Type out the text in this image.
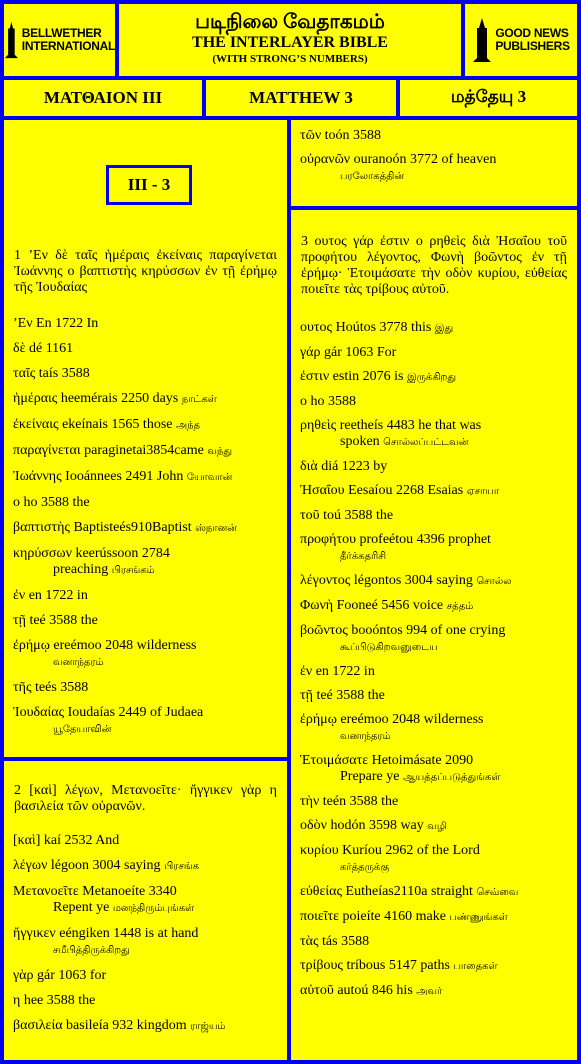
BELLWETHER
INTERNATIONAL
படிநிலை வேதாகமம்
THE INTERLAYER BIBLE
(WITH STRONG’S NUMBERS)
GOOD NEWS
PUBLISHERS
ΜΑΤΘΑΙΟΝ III	MATTHEW 3	மத்தேயு 3
1 ’Εν δὲ ταῖς ἡμέραις ἐκείναις παραγίνεται Ἰωάννης ο βαπτιστὴς κηρύσσων ἐν τῇ ἐρήμῳ τῆς Ἰουδαίας
’Εν En 1722 In
δὲ dé 1161
ταῖς taís 3588
ἡμέραις heemérais 2250 days நாட்கள்
ἐκείναις ekeínais 1565 those அந்த
παραγίνεται paraginetai3854came வந்து
Ἰωάννης Iooánnees 2491 John யோவான்
ο ho 3588 the
βαπτιστὴς Baptisteés910Baptist ஸ்நானன்
κηρύσσων keerússoon 2784
preaching பிரசங்கம்
ἐν en 1722 in
τῇ teé 3588 the
ἐρήμῳ ereémoo 2048 wilderness
வனாந்தரம்
τῆς teés 3588
Ἰουδαίας Ioudaías 2449 of Judaea
யூதேயாவின்
III - 3
2 [καὶ] λέγων, Μετανοεῖτε· ἤγγικεν γὰρ η βασιλεία τῶν οὐρανῶν.
[καὶ] kaí 2532 And
λέγων légoon 3004 saying பிரசங்க
Μετανοεῖτε Metanoeíte 3340
Repent ye மனந்திரும்புங்கள்
ἤγγικεν eéngiken 1448 is at hand
சமீபித்திருக்கிறது
γὰρ gár 1063 for
η hee 3588 the
βασιλεία basileía 932 kingdom ராஜ்யம்
τῶν toón 3588
οὐρανῶν ouranoón 3772 of heaven
பரலோகத்தின்
3 ουτος γάρ ἐστιν ο ρηθεὶς διὰ Ἠσαΐου τοῦ προφήτου λέγοντος, Φωνὴ βοῶντος ἐν τῇ ἐρήμῳ· Ἑτοιμάσατε τὴν οδὸν κυρίου, εὐθείας ποιεῖτε τὰς τρίβους αὐτοῦ.
ουτος Hoútos 3778 this இது
γάρ gár 1063 For
ἐστιν estin 2076 is இருக்கிறது
ο ho 3588
ρηθεὶς reetheís 4483 he that was
spoken சொல்லப்பட்டவன்
διὰ diá 1223 by
Ἠσαΐου Eesaíou 2268 Esaias ஏசாயா
τοῦ toú 3588 the
προφήτου profeétou 4396 prophet
தீர்க்கதரிசி
λέγοντος légontos 3004 saying சொல்ல
Φωνὴ Fooneé 5456 voice சத்தம்
βοῶντος booóntos 994 of one crying
கூப்பிடுகிறவனுடைய
ἐν en 1722 in
τῇ teé 3588 the
ἐρήμῳ ereémoo 2048 wilderness
வனாந்தரம்
Ἑτοιμάσατε Hetoimásate 2090
Prepare ye ஆயத்தப்படுத்துங்கள்
τὴν teén 3588 the
οδὸν hodón 3598 way வழி
κυρίου Kuríou 2962 of the Lord
கர்த்தருக்கு
εὐθείας Eutheías2110a straight செவ்வை
ποιεῖτε poieíte 4160 make பண்ணுங்கள்
τὰς tás 3588
τρίβους tríbous 5147 paths பாதைகள்
αὐτοῦ autoú 846 his அவர்
